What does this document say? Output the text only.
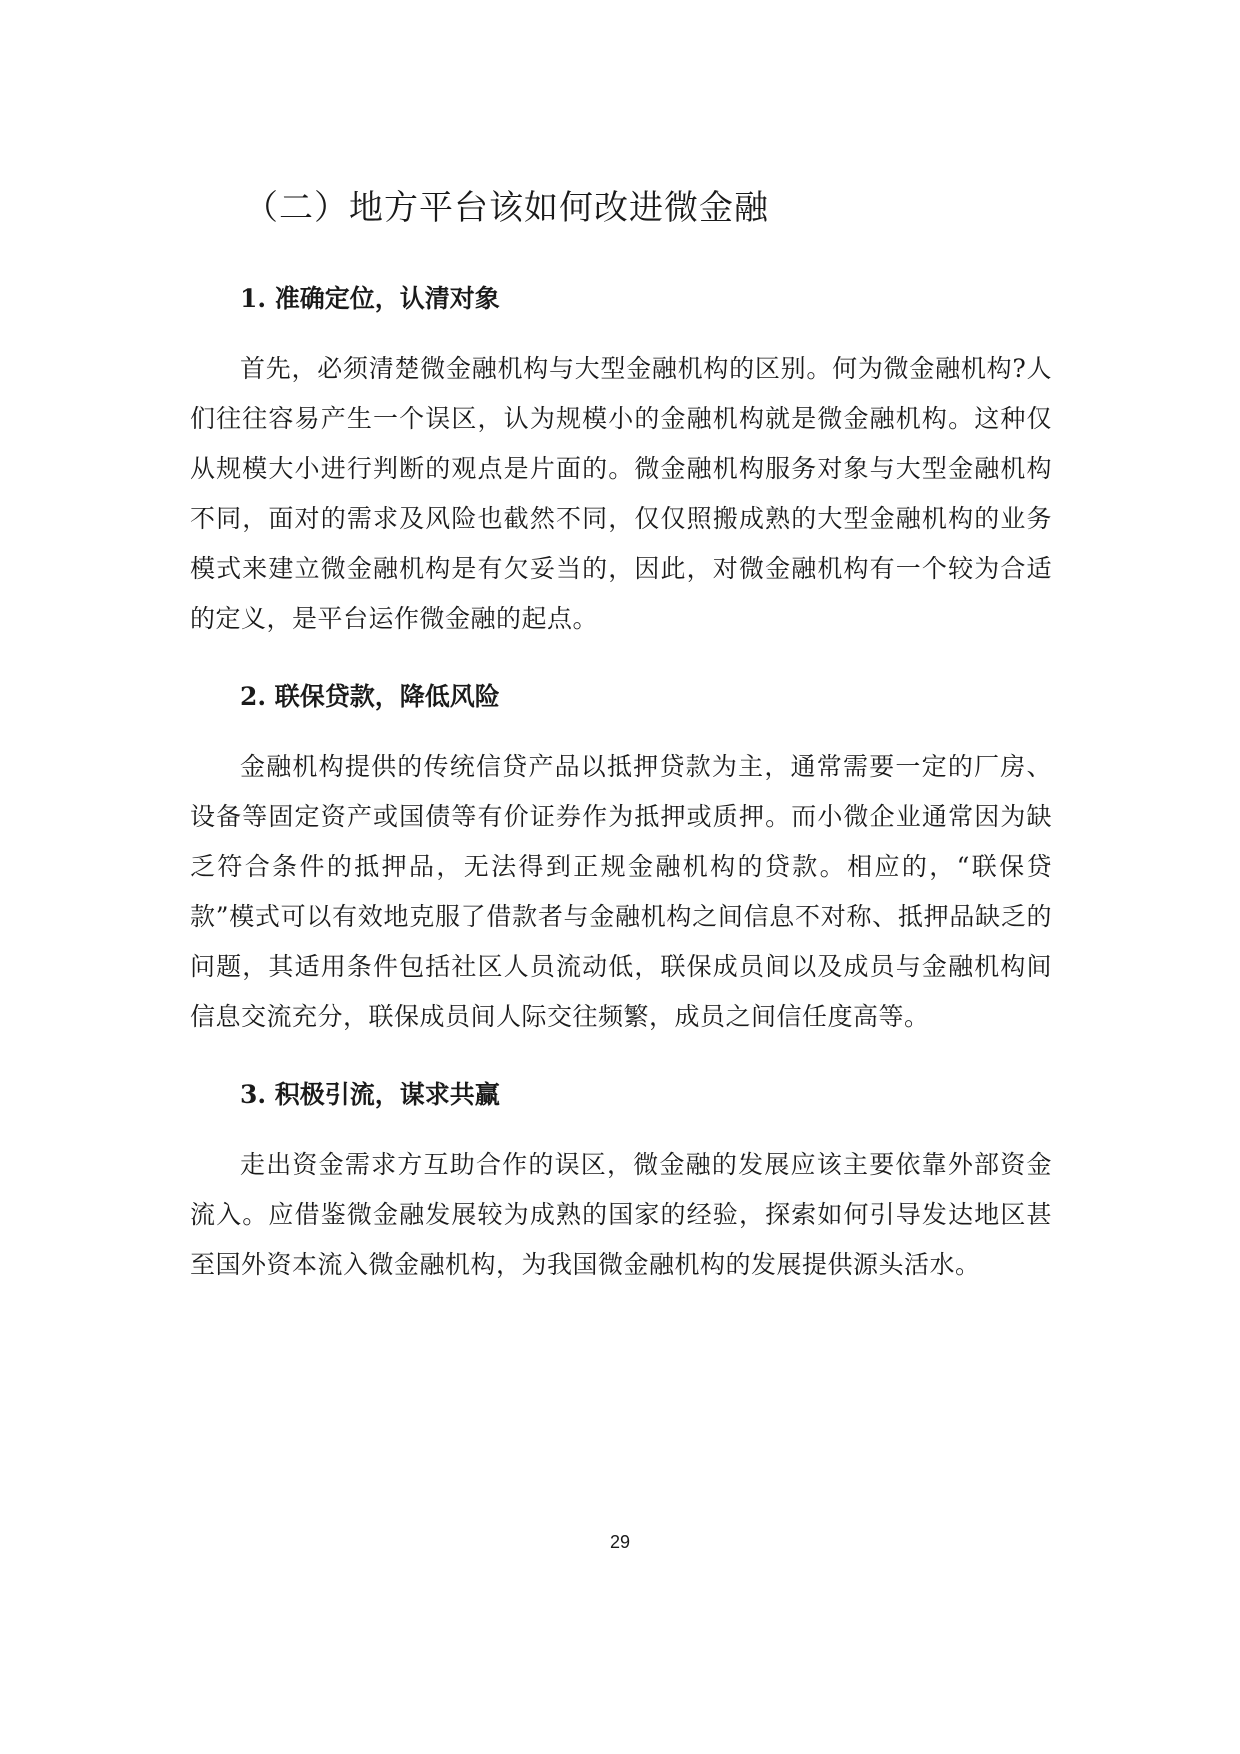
（二）地方平台该如何改进微金融
1. 准确定位，认清对象
首先，必须清楚微金融机构与大型金融机构的区别。何为微金融机构?人们往往容易产生一个误区，认为规模小的金融机构就是微金融机构。这种仅从规模大小进行判断的观点是片面的。微金融机构服务对象与大型金融机构不同，面对的需求及风险也截然不同，仅仅照搬成熟的大型金融机构的业务模式来建立微金融机构是有欠妥当的，因此，对微金融机构有一个较为合适的定义，是平台运作微金融的起点。
2. 联保贷款，降低风险
金融机构提供的传统信贷产品以抵押贷款为主，通常需要一定的厂房、设备等固定资产或国债等有价证券作为抵押或质押。而小微企业通常因为缺乏符合条件的抵押品，无法得到正规金融机构的贷款。相应的，“联保贷款”模式可以有效地克服了借款者与金融机构之间信息不对称、抵押品缺乏的问题，其适用条件包括社区人员流动低，联保成员间以及成员与金融机构间信息交流充分，联保成员间人际交往频繁，成员之间信任度高等。
3. 积极引流，谋求共赢
走出资金需求方互助合作的误区，微金融的发展应该主要依靠外部资金流入。应借鉴微金融发展较为成熟的国家的经验，探索如何引导发达地区甚至国外资本流入微金融机构，为我国微金融机构的发展提供源头活水。
29
